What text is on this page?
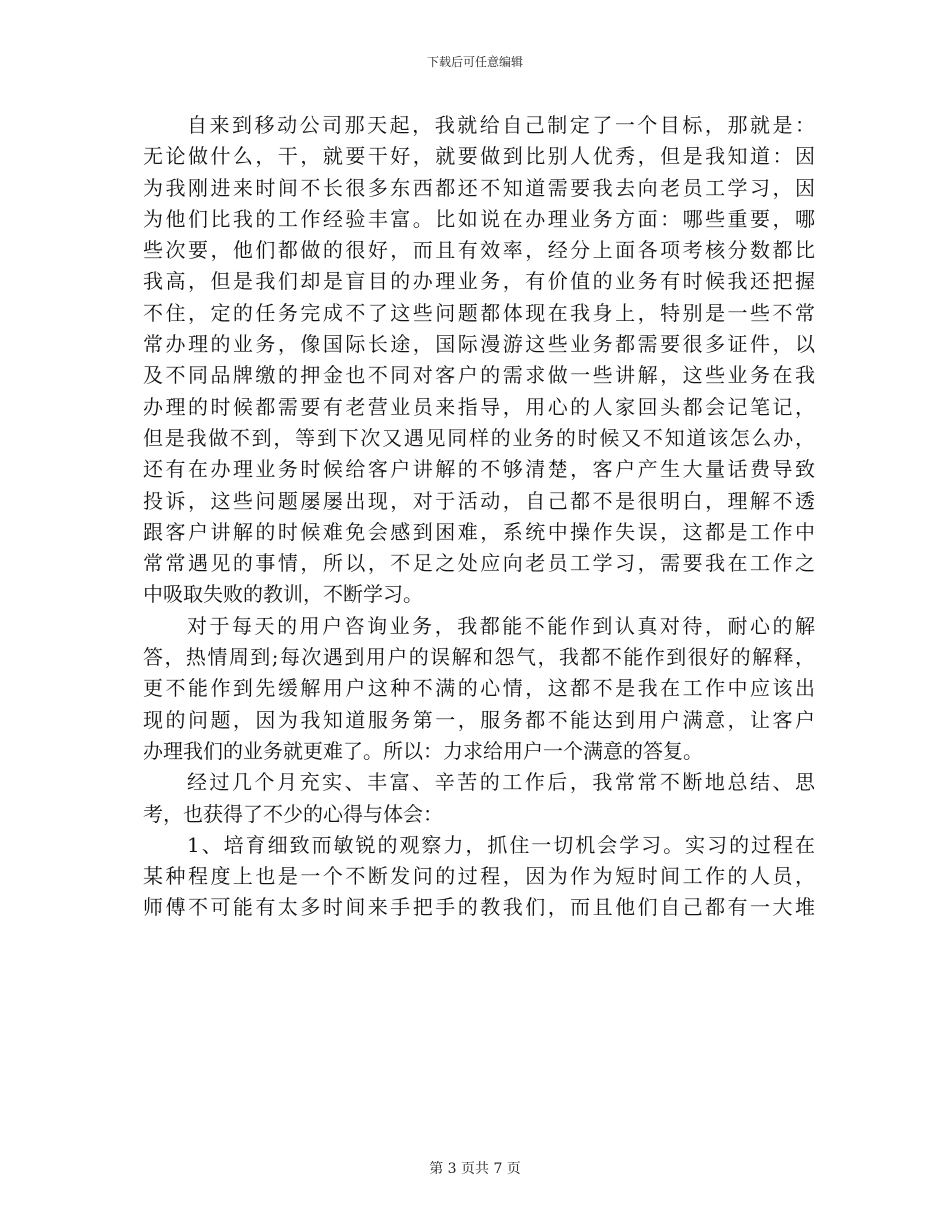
下载后可任意编辑
自来到移动公司那天起，我就给自己制定了一个目标，那就是：
无论做什么，干，就要干好，就要做到比别人优秀，但是我知道：因
为我刚进来时间不长很多东西都还不知道需要我去向老员工学习，因
为他们比我的工作经验丰富。比如说在办理业务方面：哪些重要，哪
些次要，他们都做的很好，而且有效率，经分上面各项考核分数都比
我高，但是我们却是盲目的办理业务，有价值的业务有时候我还把握
不住，定的任务完成不了这些问题都体现在我身上，特别是一些不常
常办理的业务，像国际长途，国际漫游这些业务都需要很多证件，以
及不同品牌缴的押金也不同对客户的需求做一些讲解，这些业务在我
办理的时候都需要有老营业员来指导，用心的人家回头都会记笔记，
但是我做不到，等到下次又遇见同样的业务的时候又不知道该怎么办，
还有在办理业务时候给客户讲解的不够清楚，客户产生大量话费导致
投诉，这些问题屡屡出现，对于活动，自己都不是很明白，理解不透
跟客户讲解的时候难免会感到困难，系统中操作失误，这都是工作中
常常遇见的事情，所以，不足之处应向老员工学习，需要我在工作之
中吸取失败的教训，不断学习。
对于每天的用户咨询业务，我都能不能作到认真对待，耐心的解
答，热情周到;每次遇到用户的误解和怨气，我都不能作到很好的解释，
更不能作到先缓解用户这种不满的心情，这都不是我在工作中应该出
现的问题，因为我知道服务第一，服务都不能达到用户满意，让客户
办理我们的业务就更难了。所以：力求给用户一个满意的答复。
经过几个月充实、丰富、辛苦的工作后，我常常不断地总结、思
考，也获得了不少的心得与体会：
1、培育细致而敏锐的观察力，抓住一切机会学习。实习的过程在
某种程度上也是一个不断发问的过程，因为作为短时间工作的人员，
师傅不可能有太多时间来手把手的教我们，而且他们自己都有一大堆
第 3 页共 7 页
